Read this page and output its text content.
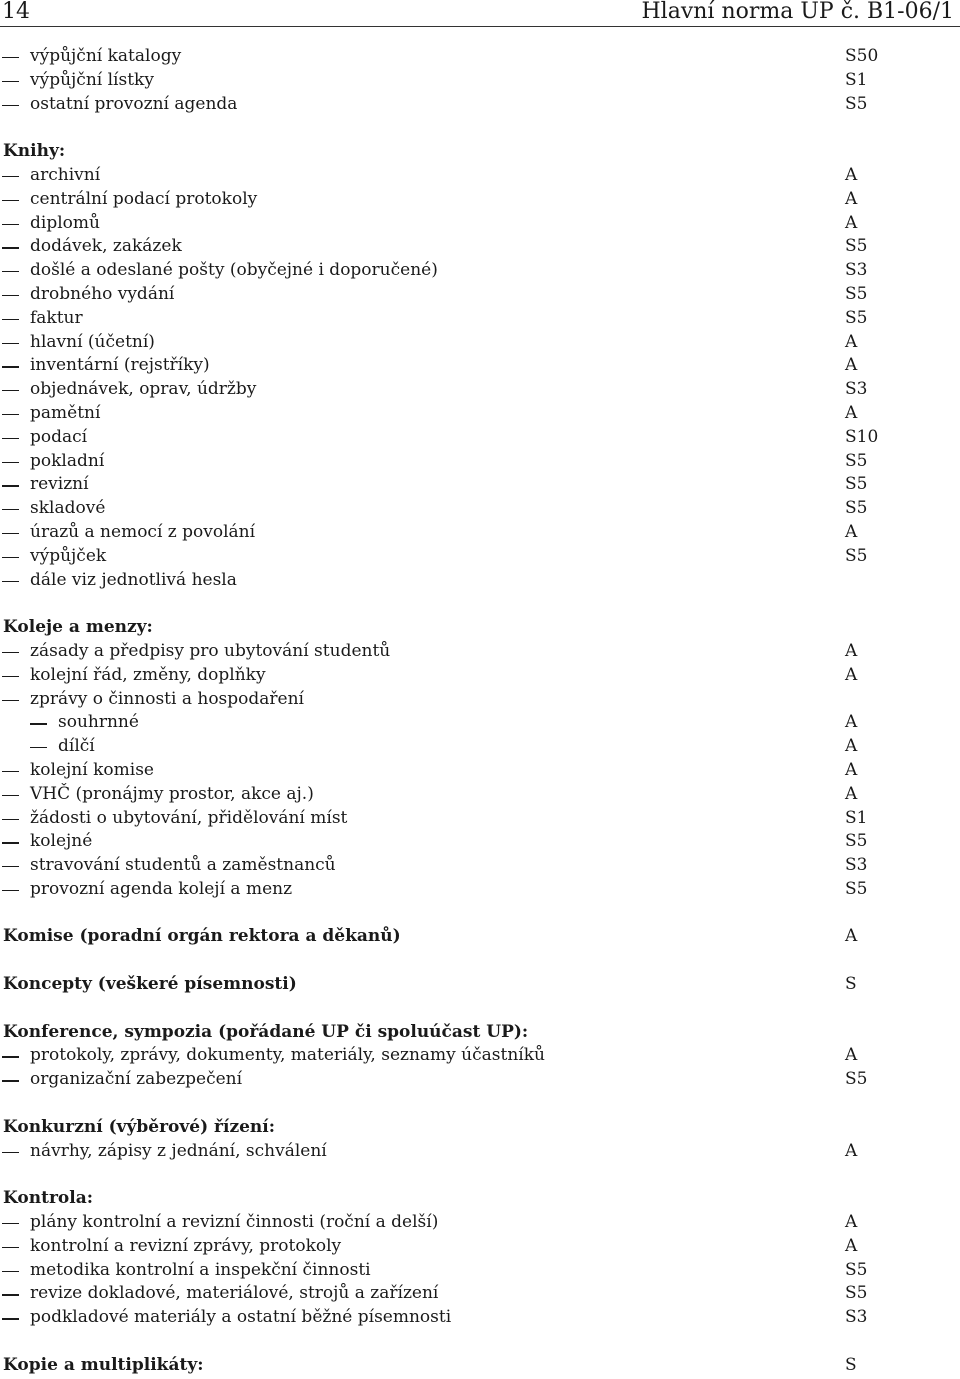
14	Hlavní norma UP č. B1-06/1
výpůjční katalogy	S50
výpůjční lístky	S1
ostatní provozní agenda	S5
Knihy:
archivní	A
centrální podací protokoly	A
diplomů	A
dodávek, zakázek	S5
došlé a odeslané pošty (obyčejné i doporučené)	S3
drobného vydání	S5
faktur	S5
hlavní (účetní)	A
inventární (rejstříky)	A
objednávek, oprav, údržby	S3
pamětní	A
podací	S10
pokladní	S5
revizní	S5
skladové	S5
úrazů a nemocí z povolání	A
výpůjček	S5
dále viz jednotlivá hesla
Koleje a menzy:
zásady a předpisy pro ubytování studentů	A
kolejní řád, změny, doplňky	A
zprávy o činnosti a hospodaření
souhrnné	A
dílčí	A
kolejní komise	A
VHČ (pronájmy prostor, akce aj.)	A
žádosti o ubytování, přidělování míst	S1
kolejné	S5
stravování studentů a zaměstnanců	S3
provozní agenda kolejí a menz	S5
Komise (poradní orgán rektora a děkanů)	A
Koncepty (veškeré písemnosti)	S
Konference, sympozia (pořádané UP či spoluúčast UP):
protokoly, zprávy, dokumenty, materiály, seznamy účastníků	A
organizační zabezpečení	S5
Konkurzní (výběrové) řízení:
návrhy, zápisy z jednání, schválení	A
Kontrola:
plány kontrolní a revizní činnosti (roční a delší)	A
kontrolní a revizní zprávy, protokoly	A
metodika kontrolní a inspekční činnosti	S5
revize dokladové, materiálové, strojů a zařízení	S5
podkladové materiály a ostatní běžné písemnosti	S3
Kopie a multiplikáty:	S
